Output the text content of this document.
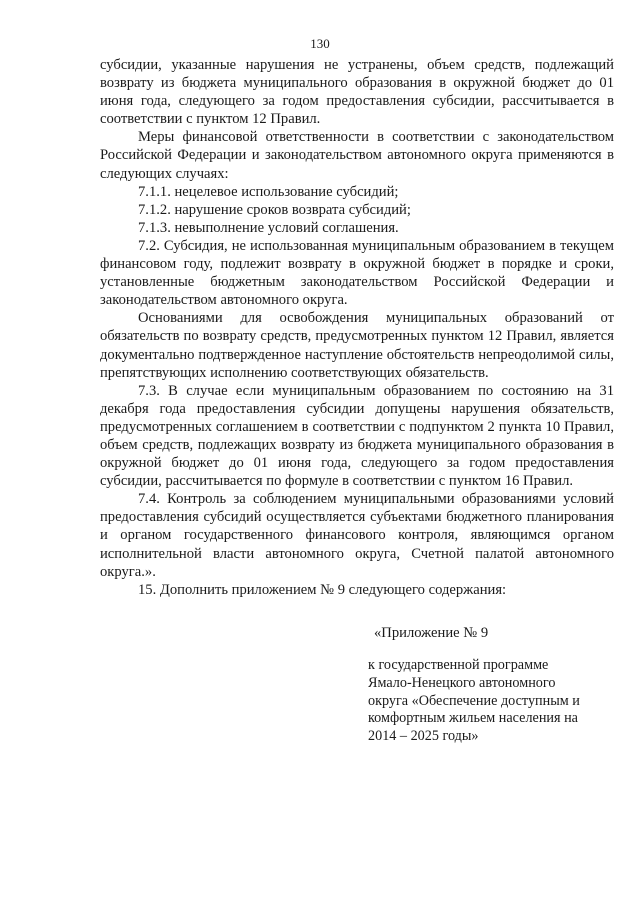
130

субсидии, указанные нарушения не устранены, объем средств, подлежащий возврату из бюджета муниципального образования в окружной бюджет до 01 июня года, следующего за годом предоставления субсидии, рассчитывается в соответствии с пунктом 12 Правил.

Меры финансовой ответственности в соответствии с законодательством Российской Федерации и законодательством автономного округа применяются в следующих случаях:

7.1.1. нецелевое использование субсидий;

7.1.2. нарушение сроков возврата субсидий;

7.1.3. невыполнение условий соглашения.

7.2. Субсидия, не использованная муниципальным образованием в текущем финансовом году, подлежит возврату в окружной бюджет в порядке и сроки, установленные бюджетным законодательством Российской Федерации и законодательством автономного округа.

Основаниями для освобождения муниципальных образований от обязательств по возврату средств, предусмотренных пунктом 12 Правил, является документально подтвержденное наступление обстоятельств непреодолимой силы, препятствующих исполнению соответствующих обязательств.

7.3. В случае если муниципальным образованием по состоянию на 31 декабря года предоставления субсидии допущены нарушения обязательств, предусмотренных соглашением в соответствии с подпунктом 2 пункта 10 Правил, объем средств, подлежащих возврату из бюджета муниципального образования в окружной бюджет до 01 июня года, следующего за годом предоставления субсидии, рассчитывается по формуле в соответствии с пунктом 16 Правил.

7.4. Контроль за соблюдением муниципальными образованиями условий предоставления субсидий осуществляется субъектами бюджетного планирования и органом государственного финансового контроля, являющимся органом исполнительной власти автономного округа, Счетной палатой автономного округа.».

15. Дополнить приложением № 9 следующего содержания:

«Приложение № 9
к государственной программе
Ямало-Ненецкого автономного
округа «Обеспечение доступным и
комфортным жильем населения на
2014 – 2025 годы»
